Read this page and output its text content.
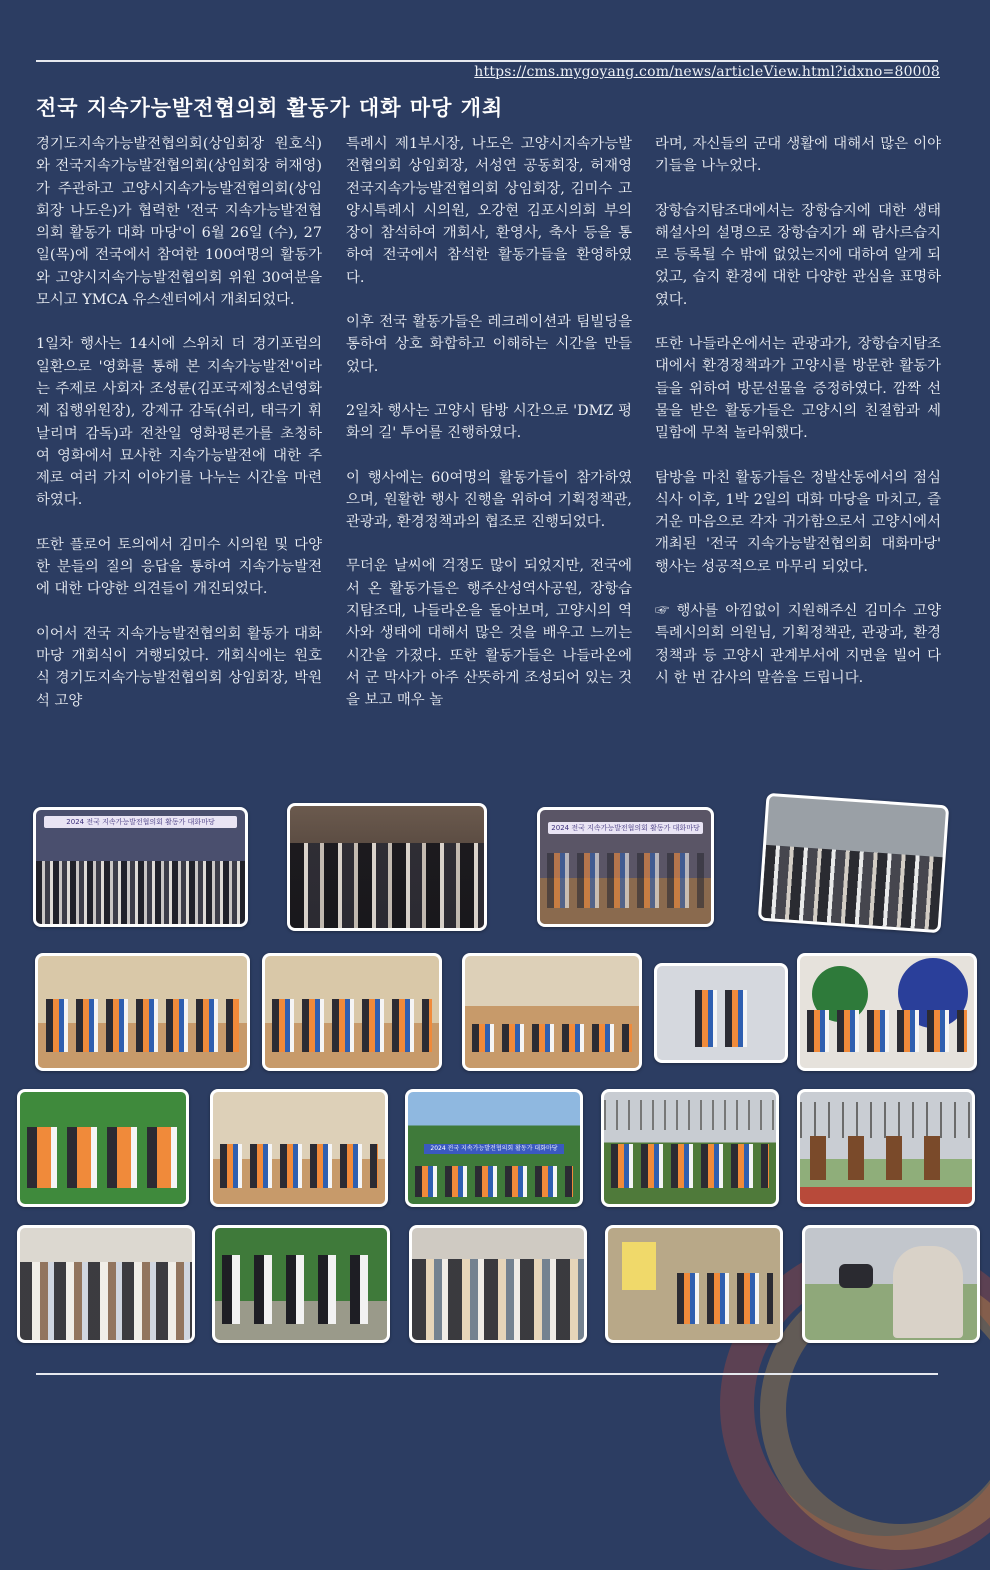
https://cms.mygoyang.com/news/articleView.html?idxno=80008
전국 지속가능발전협의회 활동가 대화 마당 개최

경기도지속가능발전협의회(상임회장 원호식)와 전국지속가능발전협의회(상임회장 허재영)가 주관하고 고양시지속가능발전협의회(상임회장 나도은)가 협력한 '전국 지속가능발전협의회 활동가 대화 마당'이 6월 26일 (수), 27일(목)에 전국에서 참여한 100여명의 활동가와 고양시지속가능발전협의회 위원 30여분을 모시고 YMCA 유스센터에서 개최되었다.

1일차 행사는 14시에 스위치 더 경기포럼의 일환으로 '영화를 통해 본 지속가능발전'이라는 주제로 사회자 조성륜(김포국제청소년영화제 집행위원장), 강제규 감독(쉬리, 태극기 휘날리며 감독)과 전찬일 영화평론가를 초청하여 영화에서 묘사한 지속가능발전에 대한 주제로 여러 가지 이야기를 나누는 시간을 마련하였다.

또한 플로어 토의에서 김미수 시의원 및 다양한 분들의 질의 응답을 통하여 지속가능발전에 대한 다양한 의견들이 개진되었다.

이어서 전국 지속가능발전협의회 활동가 대화 마당 개회식이 거행되었다. 개회식에는 원호식 경기도지속가능발전협의회 상임회장, 박원석 고양

특례시 제1부시장, 나도은 고양시지속가능발전협의회 상임회장, 서성연 공동회장, 허재영 전국지속가능발전협의회 상임회장, 김미수 고양시특례시 시의원, 오강현 김포시의회 부의장이 참석하여 개회사, 환영사, 축사 등을 통하여 전국에서 참석한 활동가들을 환영하였다.

이후 전국 활동가들은 레크레이션과 팀빌딩을 통하여 상호 화합하고 이해하는 시간을 만들었다.

2일차 행사는 고양시 탐방 시간으로 'DMZ 평화의 길' 투어를 진행하였다.

이 행사에는 60여명의 활동가들이 참가하였으며, 원활한 행사 진행을 위하여 기획정책관, 관광과, 환경정책과의 협조로 진행되었다.

무더운 날씨에 걱정도 많이 되었지만, 전국에서 온 활동가들은 행주산성역사공원, 장항습지탐조대, 나들라온을 돌아보며, 고양시의 역사와 생태에 대해서 많은 것을 배우고 느끼는 시간을 가졌다. 또한 활동가들은 나들라온에서 군 막사가 아주 산뜻하게 조성되어 있는 것을 보고 매우 놀

라며, 자신들의 군대 생활에 대해서 많은 이야기들을 나누었다.

장항습지탐조대에서는 장항습지에 대한 생태해설사의 설명으로 장항습지가 왜 람사르습지로 등록될 수 밖에 없었는지에 대하여 알게 되었고, 습지 환경에 대한 다양한 관심을 표명하였다.

또한 나들라온에서는 관광과가, 장항습지탐조대에서 환경정책과가 고양시를 방문한 활동가들을 위하여 방문선물을 증정하였다. 깜짝 선물을 받은 활동가들은 고양시의 친절함과 세밀함에 무척 놀라워했다.

탐방을 마친 활동가들은 정발산동에서의 점심 식사 이후, 1박 2일의 대화 마당을 마치고, 즐거운 마음으로 각자 귀가함으로서 고양시에서 개최된 '전국 지속가능발전협의회 대화마당' 행사는 성공적으로 마무리 되었다.

☞ 행사를 아낌없이 지원해주신 김미수 고양특례시의회 의원님, 기획정책관, 관광과, 환경정책과 등 고양시 관계부서에 지면을 빌어 다시 한 번 감사의 말씀을 드립니다.

2024 전국 지속가능발전협의회 활동가 대화마당
2024 전국 지속가능발전협의회 활동가 대화마당
2024 전국 지속가능발전협의회 활동가 대화마당
